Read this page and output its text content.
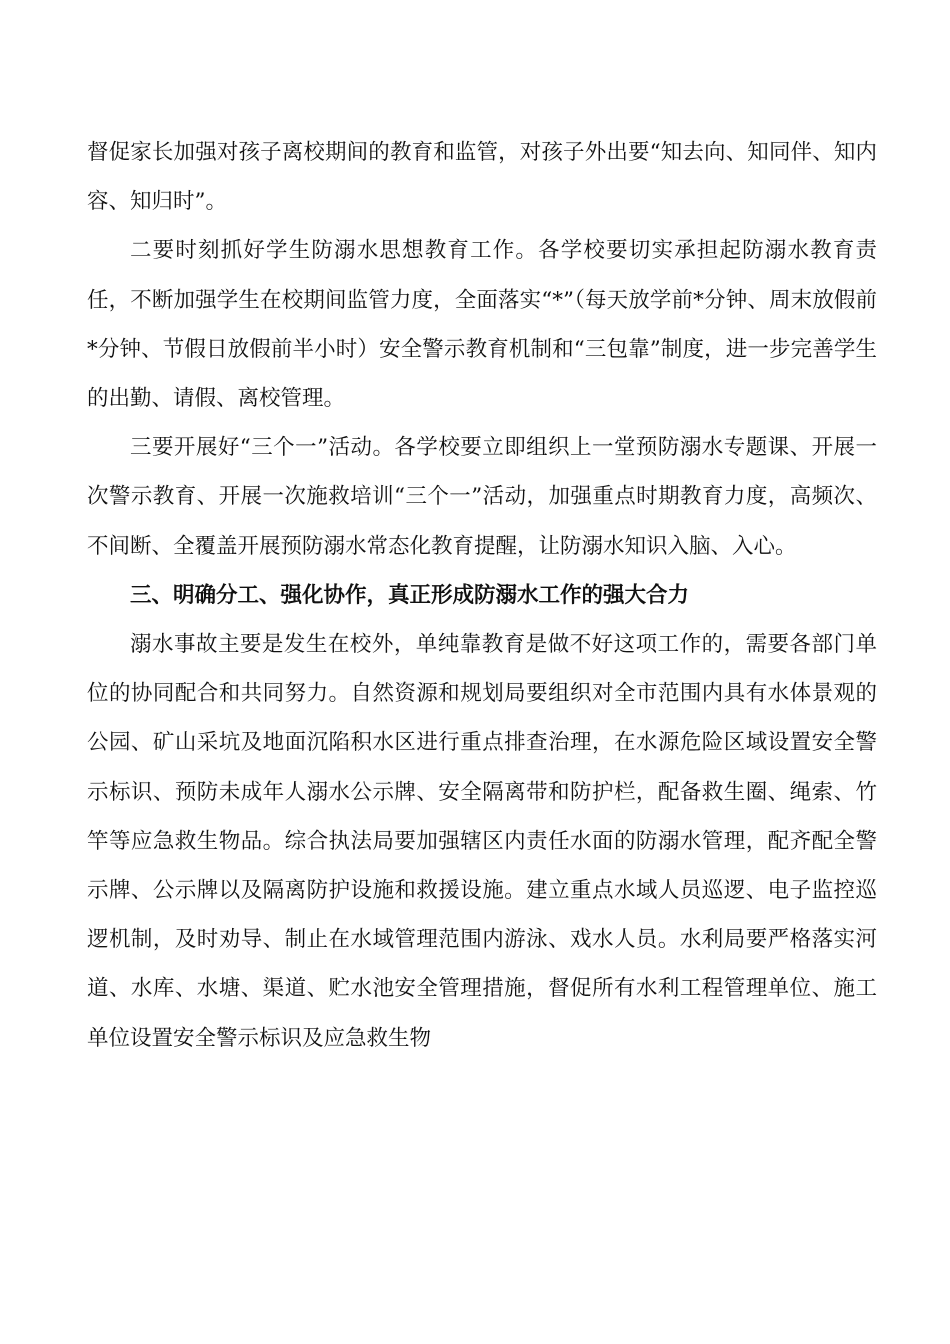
督促家长加强对孩子离校期间的教育和监管，对孩子外出要“知去向、知同伴、知内容、知归时”。

二要时刻抓好学生防溺水思想教育工作。各学校要切实承担起防溺水教育责任，不断加强学生在校期间监管力度，全面落实“*”（每天放学前*分钟、周末放假前*分钟、节假日放假前半小时）安全警示教育机制和“三包靠”制度，进一步完善学生的出勤、请假、离校管理。

三要开展好“三个一”活动。各学校要立即组织上一堂预防溺水专题课、开展一次警示教育、开展一次施救培训“三个一”活动，加强重点时期教育力度，高频次、不间断、全覆盖开展预防溺水常态化教育提醒，让防溺水知识入脑、入心。

三、明确分工、强化协作，真正形成防溺水工作的强大合力

溺水事故主要是发生在校外，单纯靠教育是做不好这项工作的，需要各部门单位的协同配合和共同努力。自然资源和规划局要组织对全市范围内具有水体景观的公园、矿山采坑及地面沉陷积水区进行重点排查治理，在水源危险区域设置安全警示标识、预防未成年人溺水公示牌、安全隔离带和防护栏，配备救生圈、绳索、竹竿等应急救生物品。综合执法局要加强辖区内责任水面的防溺水管理，配齐配全警示牌、公示牌以及隔离防护设施和救援设施。建立重点水域人员巡逻、电子监控巡逻机制，及时劝导、制止在水域管理范围内游泳、戏水人员。水利局要严格落实河道、水库、水塘、渠道、贮水池安全管理措施，督促所有水利工程管理单位、施工单位设置安全警示标识及应急救生物
